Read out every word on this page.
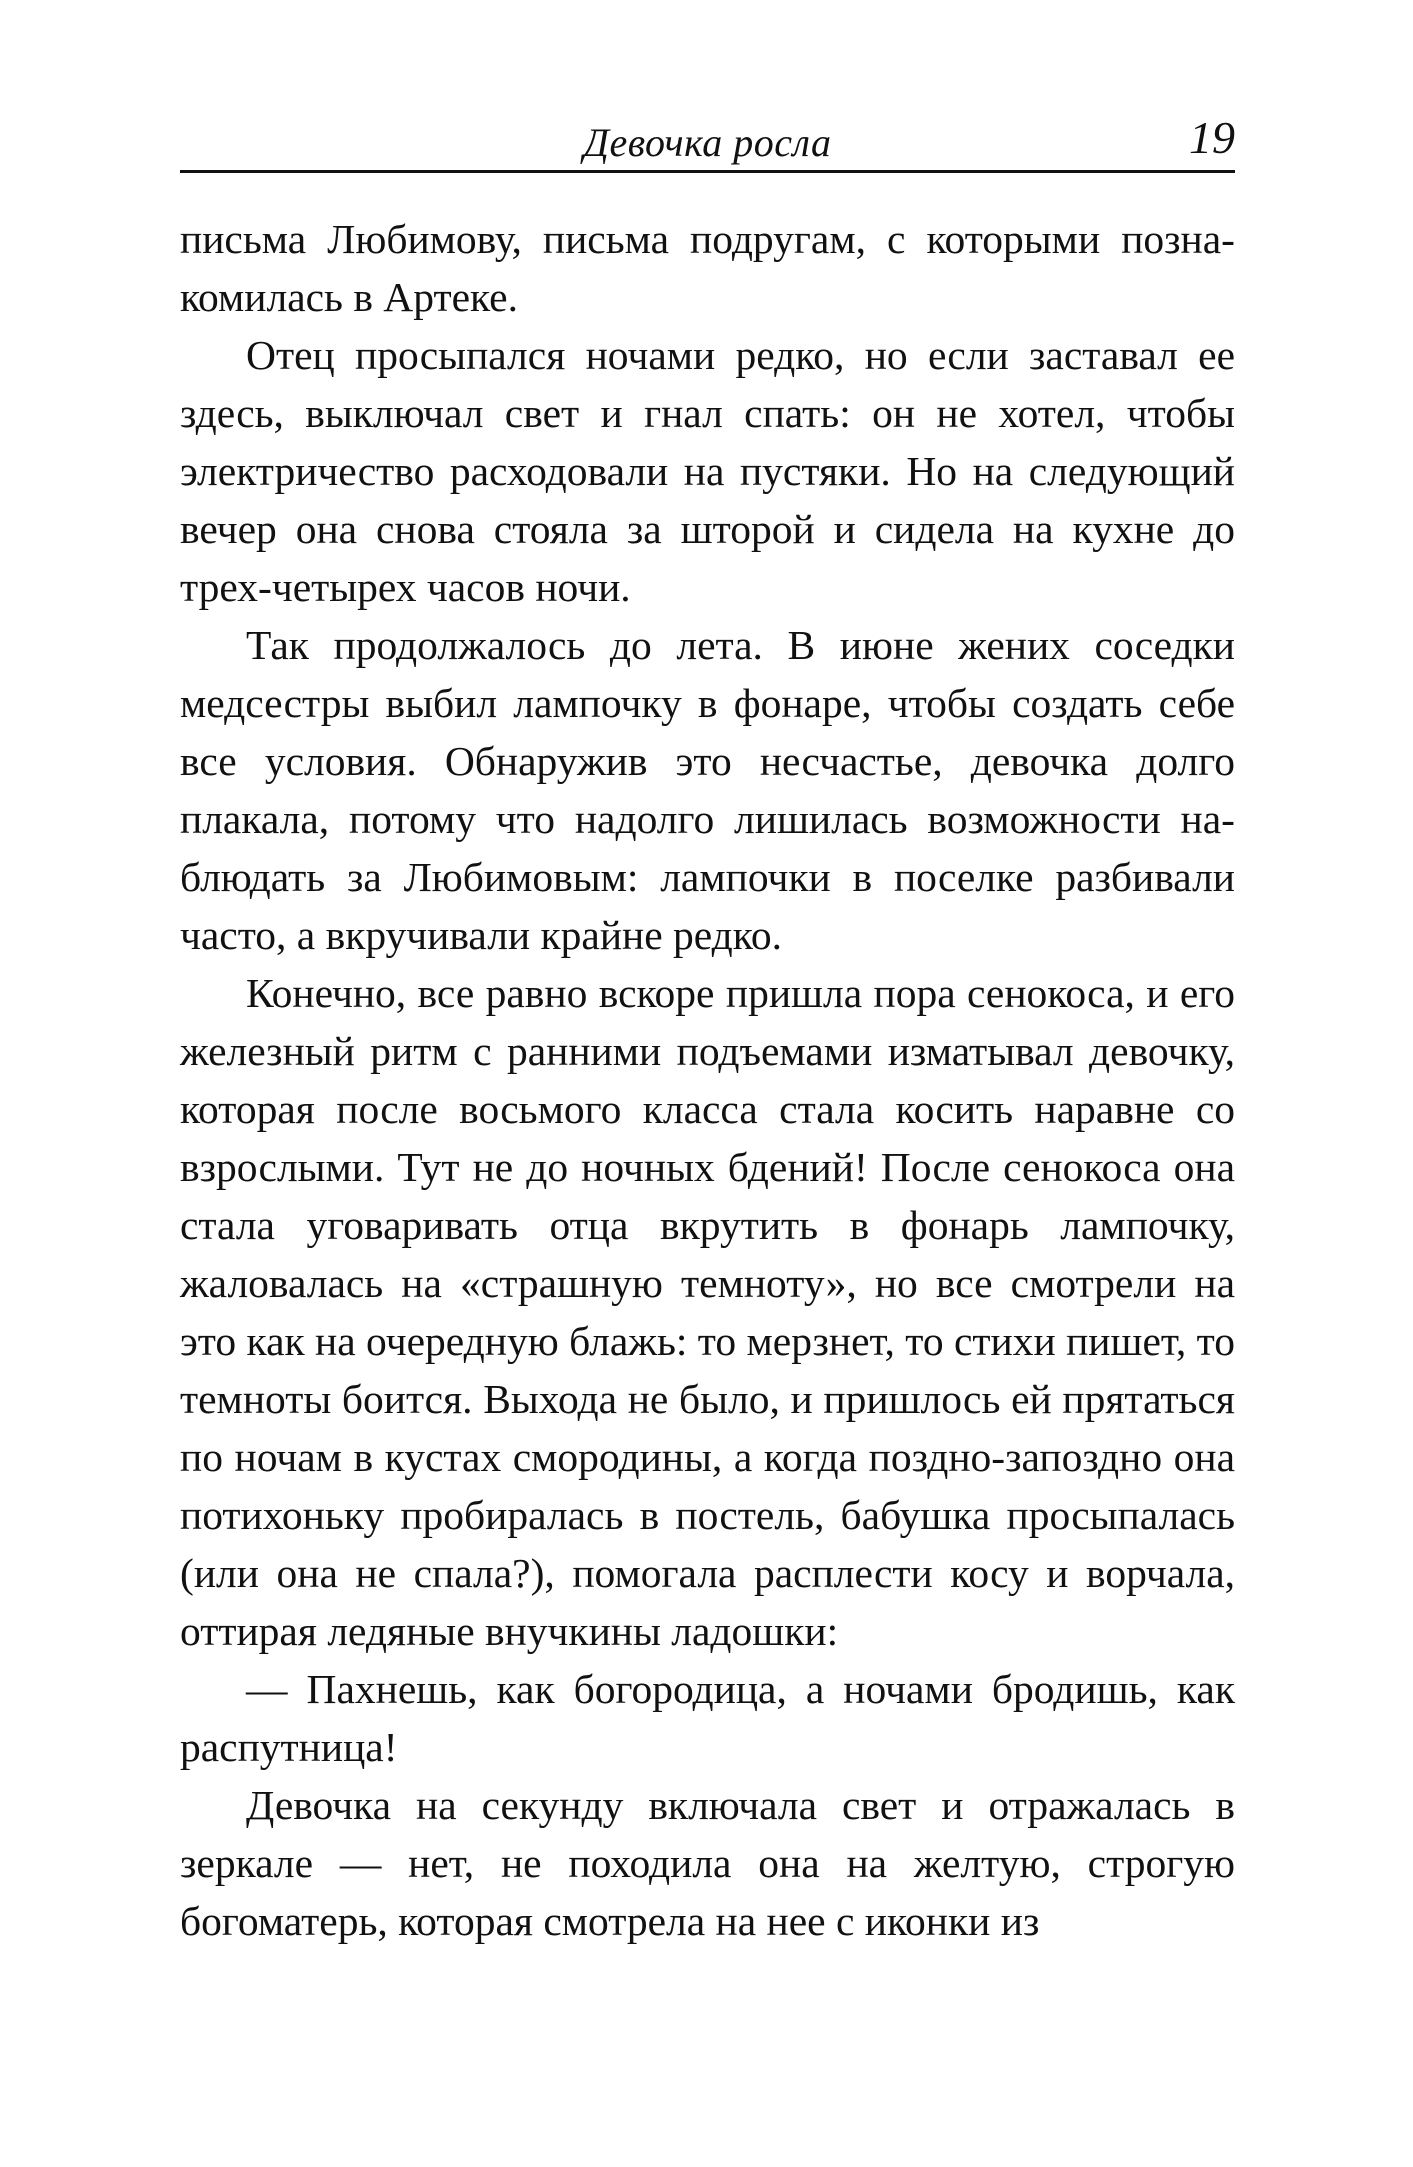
Девочка росла	19

письма Любимову, письма подругам, с которыми познакомилась в Артеке.

Отец просыпался ночами редко, но если заставал ее здесь, выключал свет и гнал спать: он не хотел, чтобы электричество расходовали на пустяки. Но на следующий вечер она снова стояла за шторой и сидела на кухне до трех-четырех часов ночи.

Так продолжалось до лета. В июне жених соседки медсестры выбил лампочку в фонаре, чтобы создать себе все условия. Обнаружив это несчастье, девочка долго плакала, потому что надолго лишилась возможности наблюдать за Любимовым: лампочки в поселке разбивали часто, а вкручивали крайне редко.

Конечно, все равно вскоре пришла пора сенокоса, и его железный ритм с ранними подъемами изматывал девочку, которая после восьмого класса стала косить наравне со взрослыми. Тут не до ночных бдений! После сенокоса она стала уговаривать отца вкрутить в фонарь лампочку, жаловалась на «страшную темноту», но все смотрели на это как на очередную блажь: то мерзнет, то стихи пишет, то темноты боится. Выхода не было, и пришлось ей прятаться по ночам в кустах смородины, а когда поздно-запоздно она потихоньку пробиралась в постель, бабушка просыпалась (или она не спала?), помогала расплести косу и ворчала, оттирая ледяные внучкины ладошки:

— Пахнешь, как богородица, а ночами бродишь, как распутница!

Девочка на секунду включала свет и отражалась в зеркале — нет, не походила она на желтую, строгую богоматерь, которая смотрела на нее с иконки из
